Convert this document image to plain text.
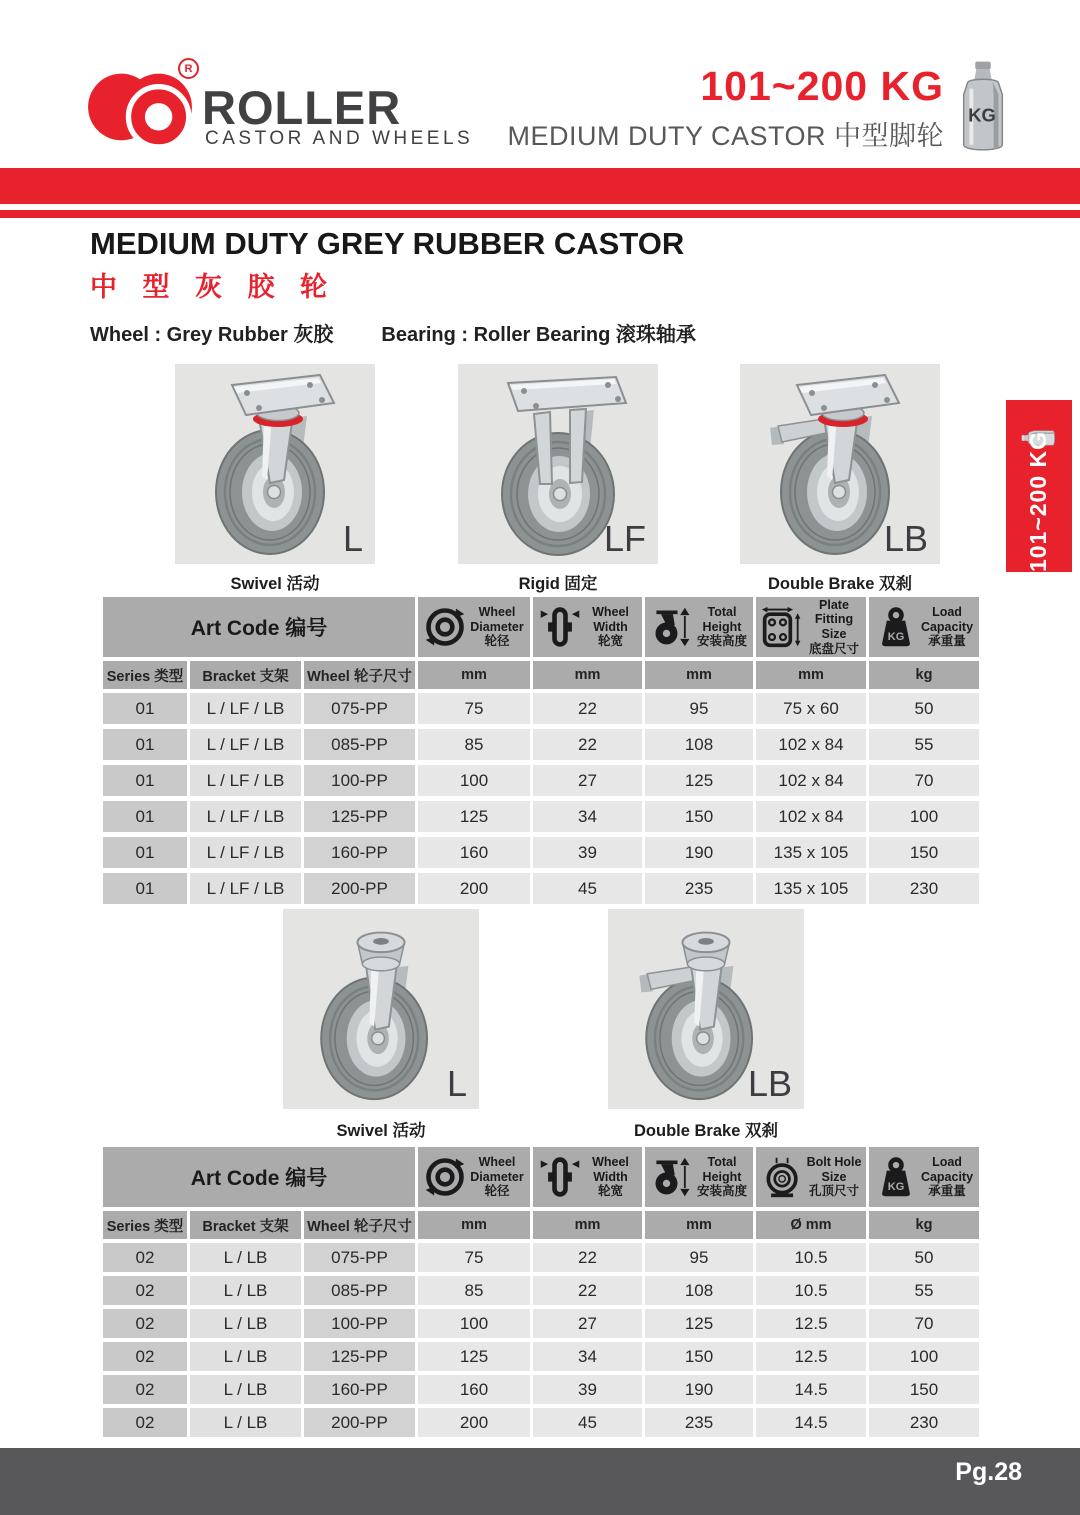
R
ROLLER
CASTOR AND WHEELS
101~200 KG
MEDIUM DUTY CASTOR 中型脚轮
KG
MEDIUM DUTY GREY RUBBER CASTOR
中 型 灰 胶 轮
Wheel : Grey Rubber 灰胶 Bearing : Roller Bearing 滚珠轴承
L
Swivel 活动
LF
Rigid 固定
LB
Double Brake 双刹
Art Code 编号
Wheel
Diameter
轮径
Wheel
Width
轮宽
Total
Height
安装高度
Plate
Fitting Size
底盘尺寸
KG
Load
Capacity
承重量
Series 类型	Bracket 支架	Wheel 轮子尺寸	mm	mm	mm	mm	kg
01	L / LF / LB	075-PP	75	22	95	75 x 60	50
01	L / LF / LB	085-PP	85	22	108	102 x 84	55
01	L / LF / LB	100-PP	100	27	125	102 x 84	70
01	L / LF / LB	125-PP	125	34	150	102 x 84	100
01	L / LF / LB	160-PP	160	39	190	135 x 105	150
01	L / LF / LB	200-PP	200	45	235	135 x 105	230
L
Swivel 活动
LB
Double Brake 双刹
Art Code 编号
Wheel
Diameter
轮径
Wheel
Width
轮宽
Total
Height
安装高度
Bolt Hole
Size
孔顶尺寸	KG
Load
Capacity
承重量
Series 类型	Bracket 支架	Wheel 轮子尺寸	mm	mm	mm	Ø mm	kg
02	L / LB	075-PP	75	22	95	10.5	50
02	L / LB	085-PP	85	22	108	10.5	55
02	L / LB	100-PP	100	27	125	12.5	70
02	L / LB	125-PP	125	34	150	12.5	100
02	L / LB	160-PP	160	39	190	14.5	150
02	L / LB	200-PP	200	45	235	14.5	230
101~200 KG
Pg.28
